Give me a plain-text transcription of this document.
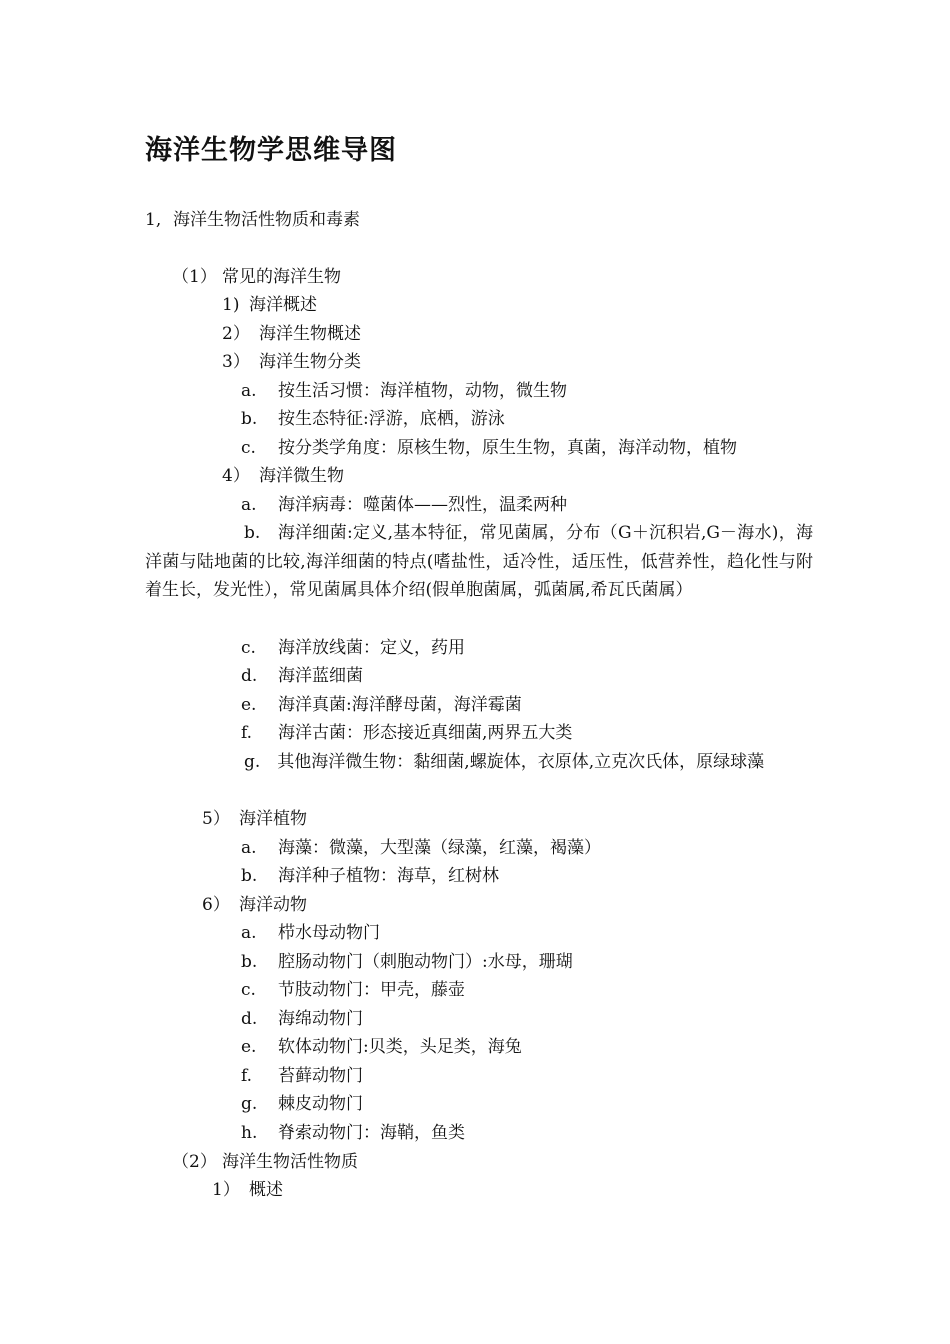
海洋生物学思维导图
1, 海洋生物活性物质和毒素
（1） 常见的海洋生物
1) 海洋概述
2） 海洋生物概述
3） 海洋生物分类
a. 按生活习惯：海洋植物，动物，微生物
b. 按生态特征:浮游，底栖，游泳
c. 按分类学角度：原核生物，原生生物，真菌，海洋动物，植物
4） 海洋微生物
a. 海洋病毒：噬菌体——烈性，温柔两种
b.　海洋细菌:定义,基本特征，常见菌属，分布（G＋沉积岩,G－海水)，海洋菌与陆地菌的比较,海洋细菌的特点(嗜盐性，适冷性，适压性，低营养性，趋化性与附着生长，发光性），常见菌属具体介绍(假单胞菌属，弧菌属,希瓦氏菌属）
c. 海洋放线菌：定义，药用
d. 海洋蓝细菌
e. 海洋真菌:海洋酵母菌，海洋霉菌
f. 海洋古菌：形态接近真细菌,两界五大类
g.　其他海洋微生物：黏细菌,螺旋体，衣原体,立克次氏体，原绿球藻
5） 海洋植物
a. 海藻：微藻，大型藻（绿藻，红藻，褐藻）
b. 海洋种子植物：海草，红树林
6） 海洋动物
a. 栉水母动物门
b. 腔肠动物门（刺胞动物门）:水母，珊瑚
c. 节肢动物门：甲壳，藤壶
d. 海绵动物门
e. 软体动物门:贝类，头足类，海兔
f. 苔藓动物门
g. 棘皮动物门
h. 脊索动物门：海鞘，鱼类
（2） 海洋生物活性物质
1） 概述
